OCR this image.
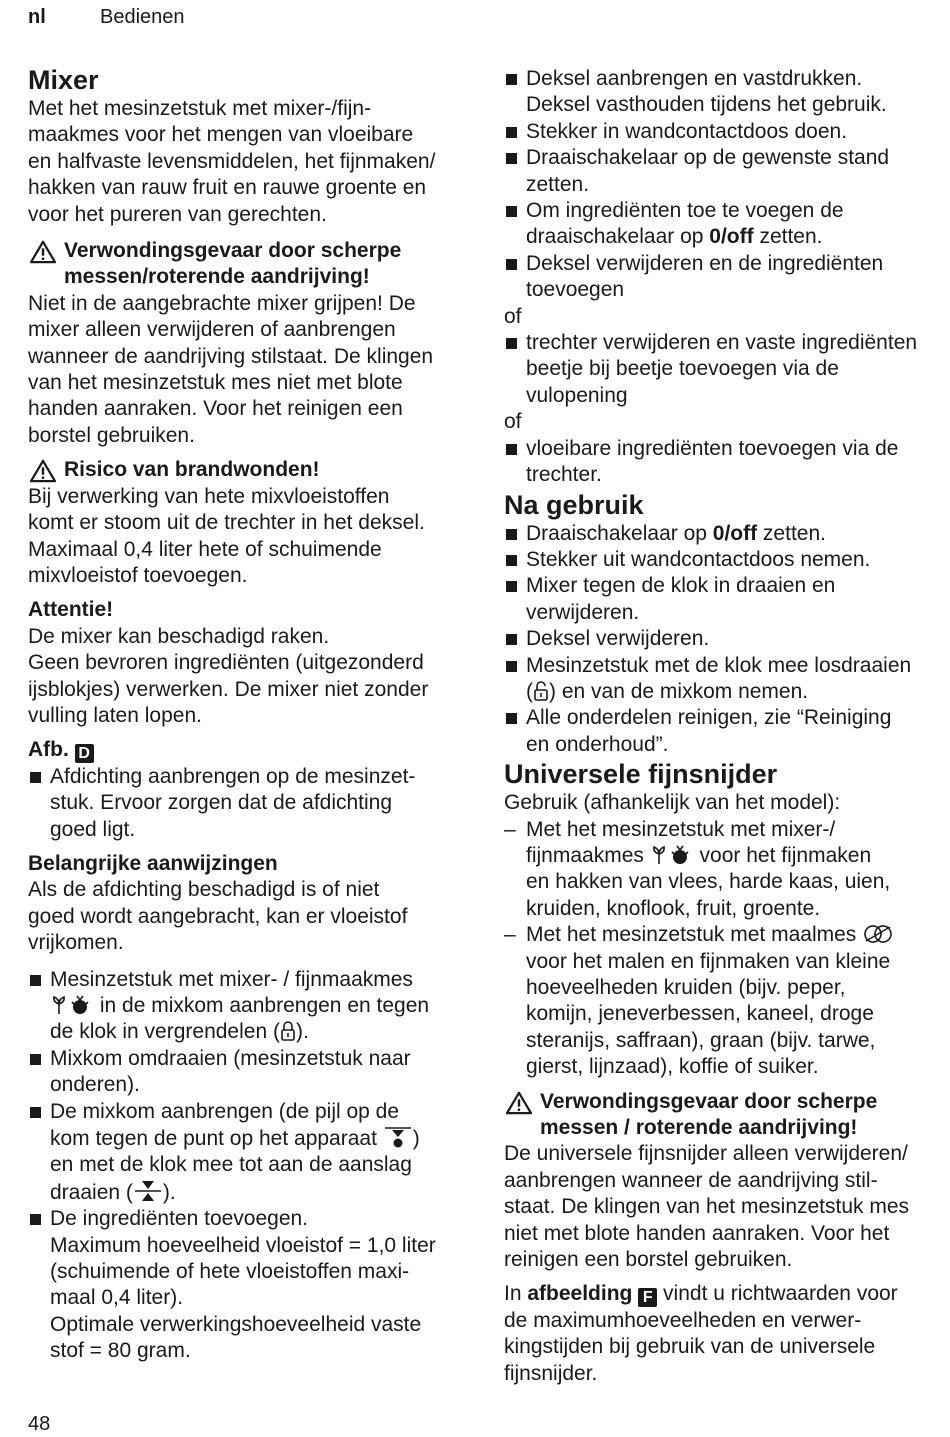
nl	Bedienen
Mixer
Met het mesinzetstuk met mixer-/fijn-
maakmes voor het mengen van vloeibare
en halfvaste levensmiddelen, het fijnmaken/
hakken van rauw fruit en rauwe groente en
voor het pureren van gerechten.
Verwondingsgevaar door scherpe
messen/roterende aandrijving!
Niet in de aangebrachte mixer grijpen! De
mixer alleen verwijderen of aanbrengen
wanneer de aandrijving stilstaat. De klingen
van het mesinzetstuk mes niet met blote
handen aanraken. Voor het reinigen een
borstel gebruiken.
Risico van brandwonden!
Bij verwerking van hete mixvloeistoffen
komt er stoom uit de trechter in het deksel.
Maximaal 0,4 liter hete of schuimende
mixvloeistof toevoegen.
Attentie!
De mixer kan beschadigd raken.
Geen bevroren ingrediënten (uitgezonderd
ijsblokjes) verwerken. De mixer niet zonder
vulling laten lopen.
Afb. D
Afdichting aanbrengen op de mesinzet-
stuk. Ervoor zorgen dat de afdichting
goed ligt.
Belangrijke aanwijzingen
Als de afdichting beschadigd is of niet
goed wordt aangebracht, kan er vloeistof
vrijkomen.
Mesinzetstuk met mixer- / fijnmaakmes
in de mixkom aanbrengen en tegen
de klok in vergrendelen ( ).
Mixkom omdraaien (mesinzetstuk naar
onderen).
De mixkom aanbrengen (de pijl op de
kom tegen de punt op het apparaat )
en met de klok mee tot aan de aanslag
draaien ( ).
De ingrediënten toevoegen.
Maximum hoeveelheid vloeistof = 1,0 liter
(schuimende of hete vloeistoffen maxi-
maal 0,4 liter).
Optimale verwerkingshoeveelheid vaste
stof = 80 gram.
Deksel aanbrengen en vastdrukken.
Deksel vasthouden tijdens het gebruik.
Stekker in wandcontactdoos doen.
Draaischakelaar op de gewenste stand
zetten.
Om ingrediënten toe te voegen de
draaischakelaar op 0/off zetten.
Deksel verwijderen en de ingrediënten
toevoegen
of
trechter verwijderen en vaste ingrediënten
beetje bij beetje toevoegen via de
vulopening
of
vloeibare ingrediënten toevoegen via de
trechter.
Na gebruik
Draaischakelaar op 0/off zetten.
Stekker uit wandcontactdoos nemen.
Mixer tegen de klok in draaien en
verwijderen.
Deksel verwijderen.
Mesinzetstuk met de klok mee losdraaien
( ) en van de mixkom nemen.
Alle onderdelen reinigen, zie “Reiniging
en onderhoud”.
Universele fijnsnijder
Gebruik (afhankelijk van het model):
– Met het mesinzetstuk met mixer-/
fijnmaakmes	voor het fijnmaken
en hakken van vlees, harde kaas, uien,
kruiden, knoflook, fruit, groente.
– Met het mesinzetstuk met maalmes
voor het malen en fijnmaken van kleine
hoeveelheden kruiden (bijv. peper,
komijn, jeneverbessen, kaneel, droge
steranijs, saffraan), graan (bijv. tarwe,
gierst, lijnzaad), koffie of suiker.
Verwondingsgevaar door scherpe
messen / roterende aandrijving!
De universele fijnsnijder alleen verwijderen/
aanbrengen wanneer de aandrijving stil-
staat. De klingen van het mesinzetstuk mes
niet met blote handen aanraken. Voor het
reinigen een borstel gebruiken.
In afbeelding F vindt u richtwaarden voor
de maximumhoeveelheden en verwer-
kingstijden bij gebruik van de universele
fijnsnijder.
48
